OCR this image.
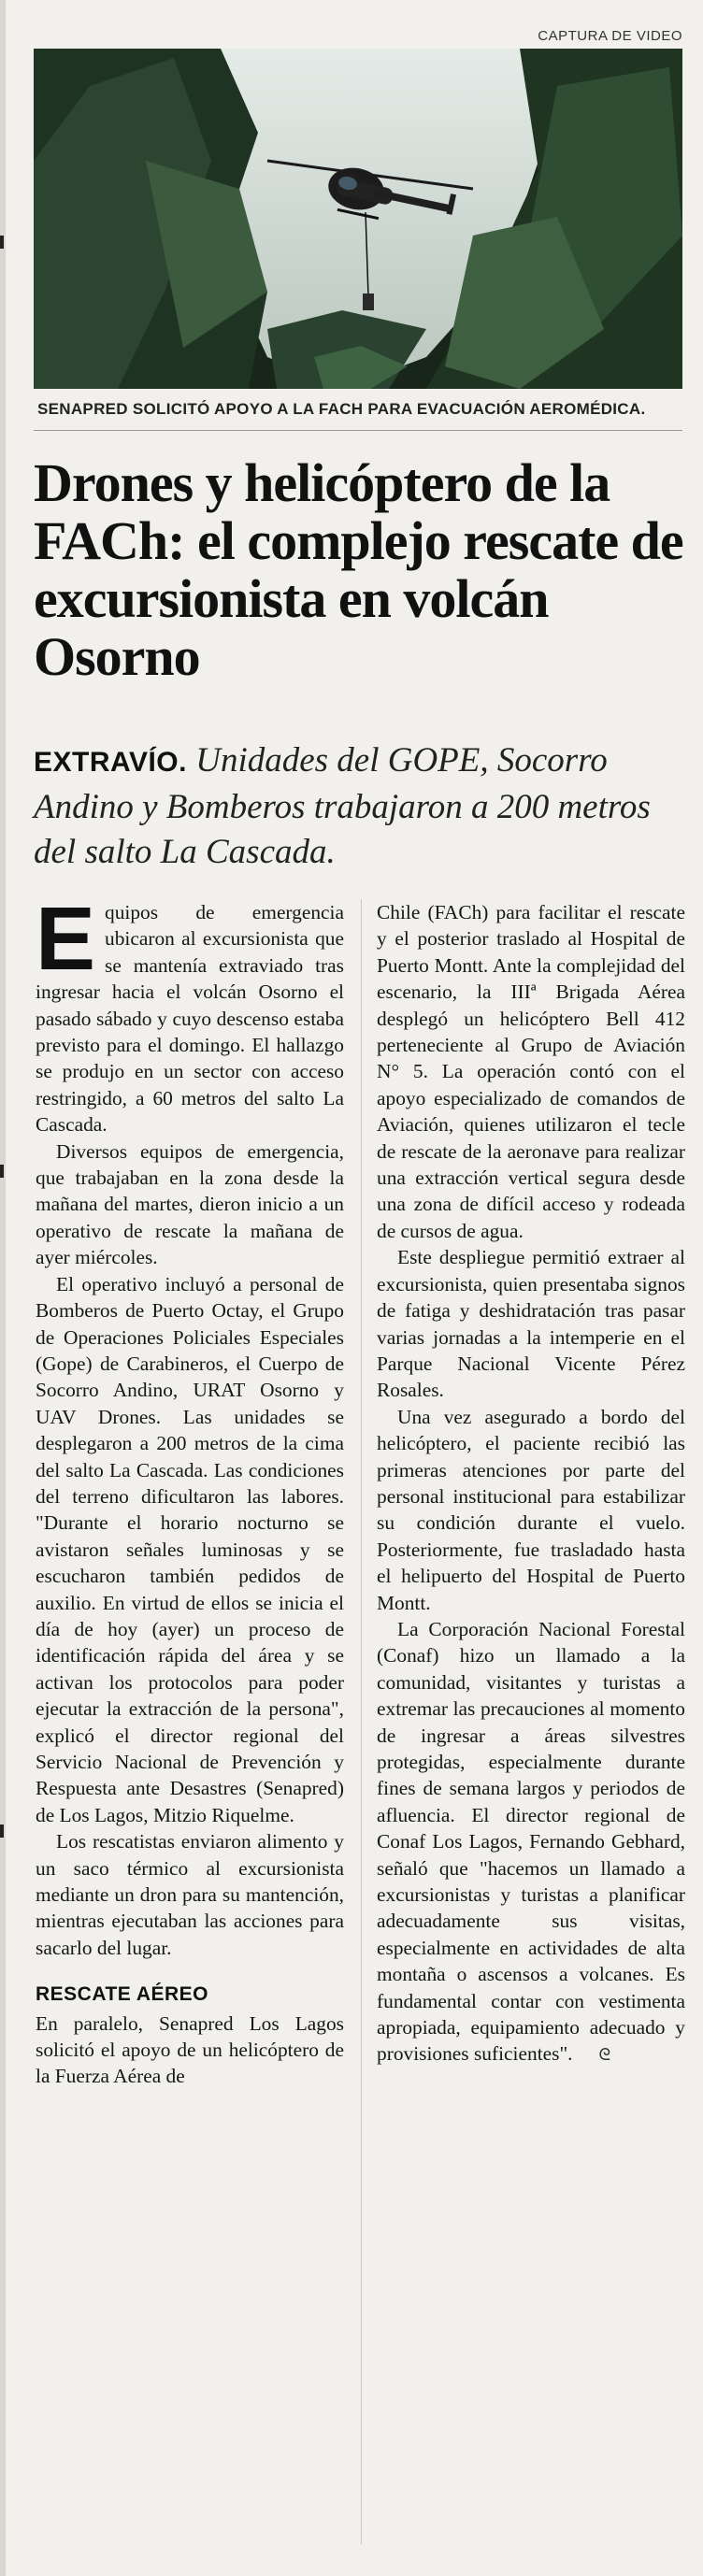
CAPTURA DE VIDEO
SENAPRED SOLICITÓ APOYO A LA FACH PARA EVACUACIÓN AEROMÉDICA.
Drones y helicóptero de la FACh: el complejo rescate de excursionista en volcán Osorno

EXTRAVÍO. Unidades del GOPE, Socorro Andino y Bomberos trabajaron a 200 metros del salto La Cascada.

Equipos de emergencia ubicaron al excursionista que se mantenía extraviado tras ingresar hacia el volcán Osorno el pasado sábado y cuyo descenso estaba previsto para el domingo. El hallazgo se produjo en un sector con acceso restringido, a 60 metros del salto La Cascada.

Diversos equipos de emergencia, que trabajaban en la zona desde la mañana del martes, dieron inicio a un operativo de rescate la mañana de ayer miércoles.

El operativo incluyó a personal de Bomberos de Puerto Octay, el Grupo de Operaciones Policiales Especiales (Gope) de Carabineros, el Cuerpo de Socorro Andino, URAT Osorno y UAV Drones. Las unidades se desplegaron a 200 metros de la cima del salto La Cascada. Las condiciones del terreno dificultaron las labores. "Durante el horario nocturno se avistaron señales luminosas y se escucharon también pedidos de auxilio. En virtud de ellos se inicia el día de hoy (ayer) un proceso de identificación rápida del área y se activan los protocolos para poder ejecutar la extracción de la persona", explicó el director regional del Servicio Nacional de Prevención y Respuesta ante Desastres (Senapred) de Los Lagos, Mitzio Riquelme.

Los rescatistas enviaron alimento y un saco térmico al excursionista mediante un dron para su mantención, mientras ejecutaban las acciones para sacarlo del lugar.

RESCATE AÉREO

En paralelo, Senapred Los Lagos solicitó el apoyo de un helicóptero de la Fuerza Aérea de

Chile (FACh) para facilitar el rescate y el posterior traslado al Hospital de Puerto Montt. Ante la complejidad del escenario, la IIIª Brigada Aérea desplegó un helicóptero Bell 412 perteneciente al Grupo de Aviación N° 5. La operación contó con el apoyo especializado de comandos de Aviación, quienes utilizaron el tecle de rescate de la aeronave para realizar una extracción vertical segura desde una zona de difícil acceso y rodeada de cursos de agua.

Este despliegue permitió extraer al excursionista, quien presentaba signos de fatiga y deshidratación tras pasar varias jornadas a la intemperie en el Parque Nacional Vicente Pérez Rosales.

Una vez asegurado a bordo del helicóptero, el paciente recibió las primeras atenciones por parte del personal institucional para estabilizar su condición durante el vuelo. Posteriormente, fue trasladado hasta el helipuerto del Hospital de Puerto Montt.

La Corporación Nacional Forestal (Conaf) hizo un llamado a la comunidad, visitantes y turistas a extremar las precauciones al momento de ingresar a áreas silvestres protegidas, especialmente durante fines de semana largos y periodos de afluencia. El director regional de Conaf Los Lagos, Fernando Gebhard, señaló que "hacemos un llamado a excursionistas y turistas a planificar adecuadamente sus visitas, especialmente en actividades de alta montaña o ascensos a volcanes. Es fundamental contar con vestimenta apropiada, equipamiento adecuado y provisiones suficientes". ᘓ
